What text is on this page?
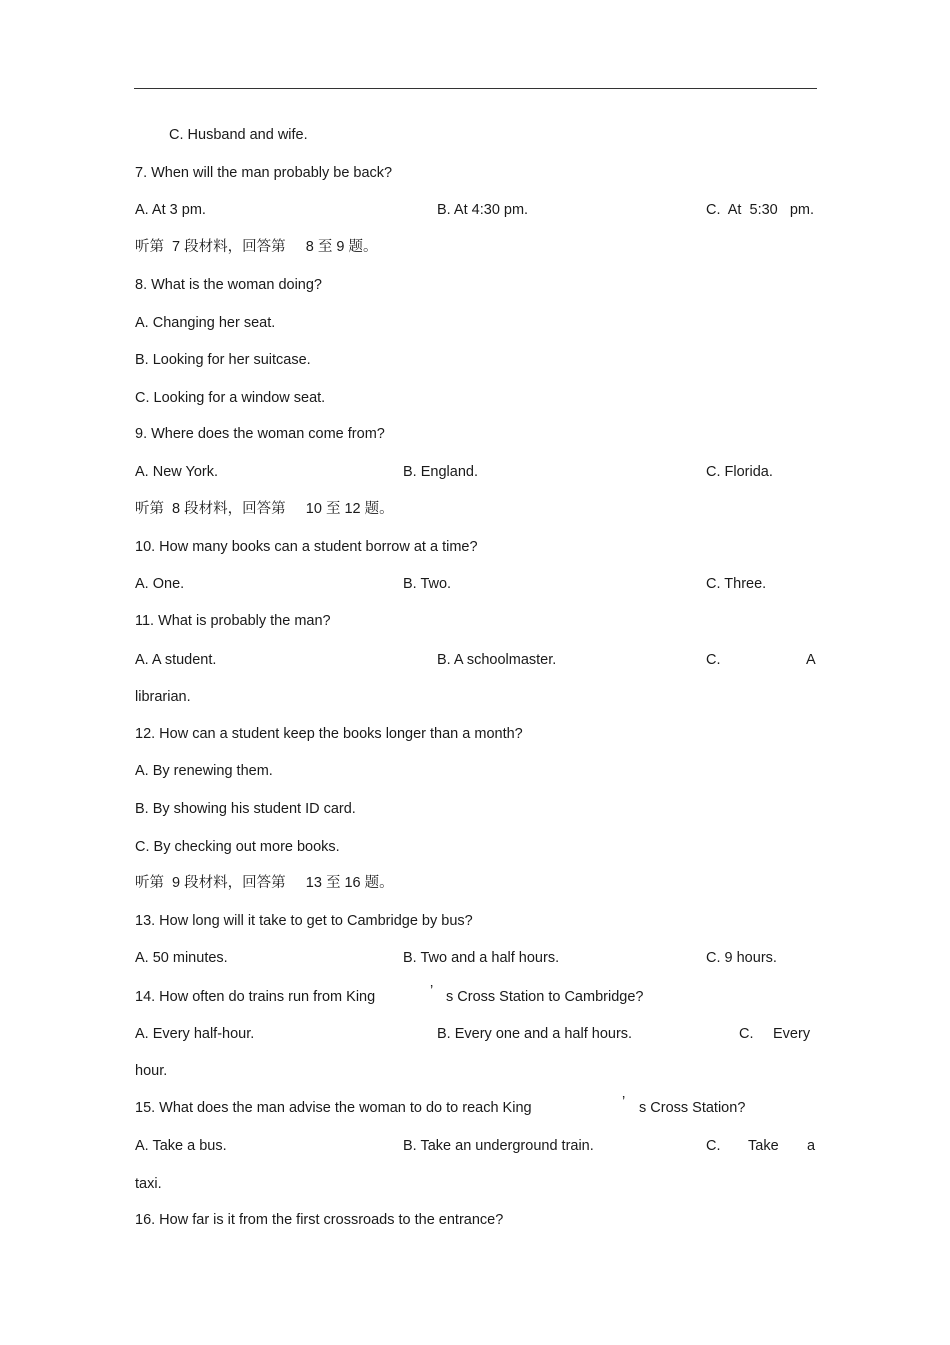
C. Husband and wife.
7. When will the man probably be back?
A. At 3 pm.	B. At 4:30 pm.	C.  At  5:30   pm.
听第  7 段材料，回答第     8 至 9 题。
8. What is the woman doing?
A. Changing her seat.
B. Looking for her suitcase.
C. Looking for a window seat.
9. Where does the woman come from?
A. New York.	B. England.	C. Florida.
听第  8 段材料，回答第     10 至 12 题。
10. How many books can a student borrow at a time?
A. One.	B. Two.	C. Three.
11. What is probably the man?
A. A student.	B. A schoolmaster.	C.	A
librarian.
12. How can a student keep the books longer than a month?
A. By renewing them.
B. By showing his student ID card.
C. By checking out more books.
听第  9 段材料，回答第     13 至 16 题。
13. How long will it take to get to Cambridge by bus?
A. 50 minutes.	B. Two and a half hours.	C. 9 hours.
14. How often do trains run from King	’ s Cross Station to Cambridge?
A. Every half-hour.	B. Every one and a half hours.	C. Every
hour.
15. What does the man advise the woman to do to reach King	’ s Cross Station?
A. Take a bus.	B. Take an underground train.	C. Take a
taxi.
16. How far is it from the first crossroads to the entrance?
